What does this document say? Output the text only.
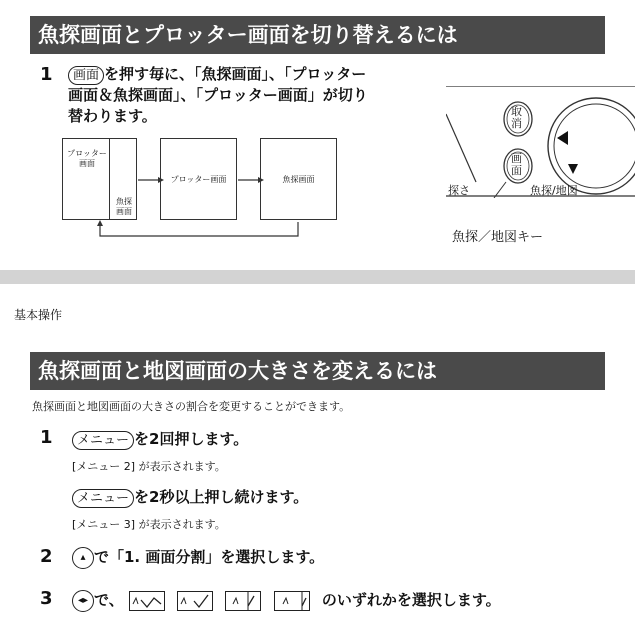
魚探画面とプロッター画面を切り替えるには
1	画面 を押す毎に、「魚探画面」、「プロッター
画面＆魚探画面」、「プロッター画面」が切り
替わります。
プロッター
画面
魚探
画面
プロッター画面	魚探画面
取
消
画
面
探さ	魚探/地図
魚探／地図キー
基本操作
魚探画面と地図画面の大きさを変えるには
魚探画面と地図画面の大きさの割合を変更することができます。
1	メニュー を2回押します。
[メニュー 2] が表示されます。
メニュー を2秒以上押し続けます。
[メニュー 3] が表示されます。
2	▴ で「1. 画面分割」を選択します。
3	◂▸ で、

	のいずれかを選択します。
